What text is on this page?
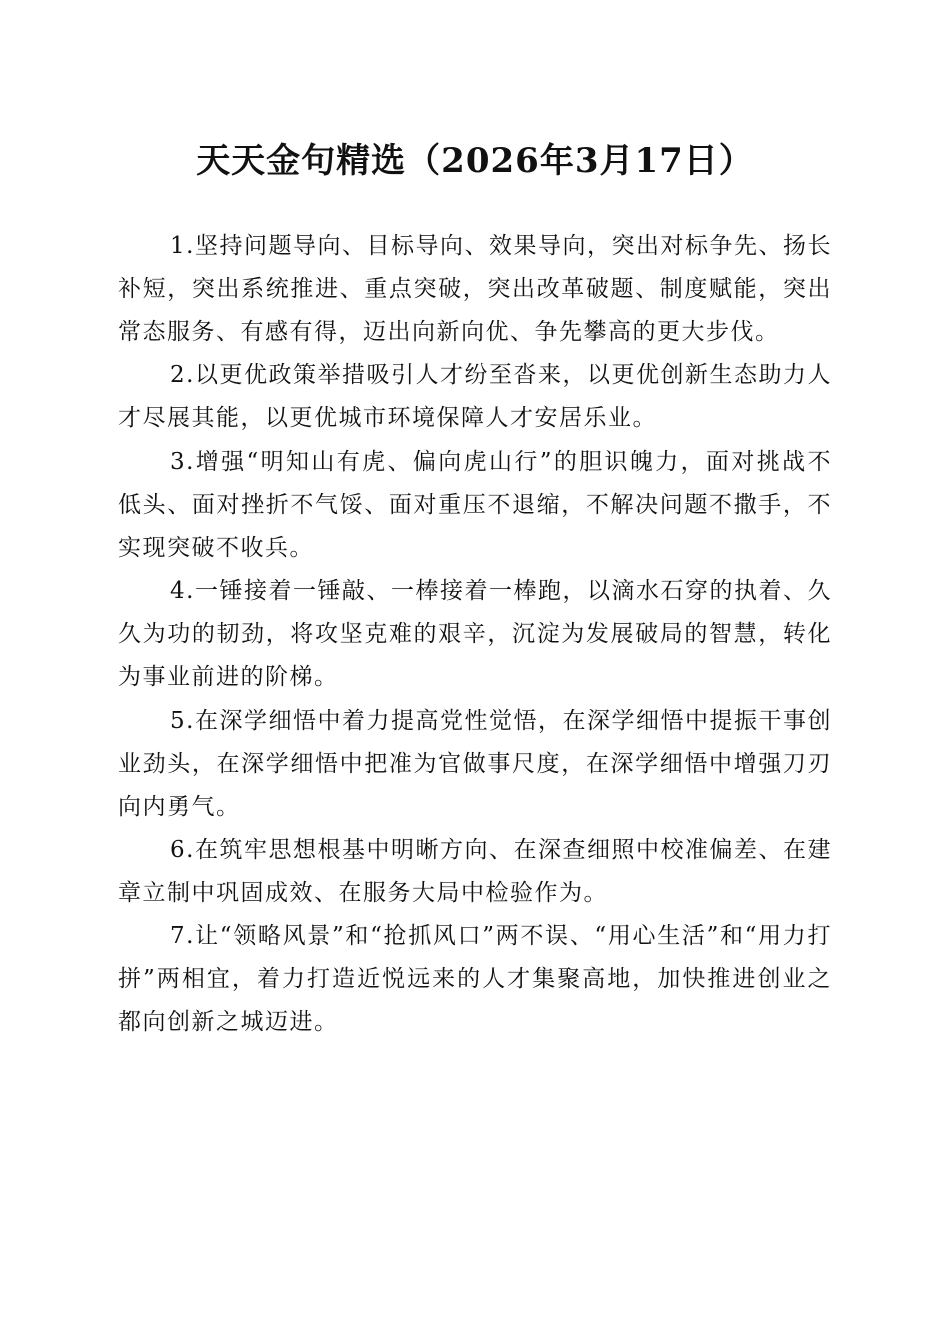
天天金句精选（2026年3月17日）

1.坚持问题导向、目标导向、效果导向，突出对标争先、扬长补短，突出系统推进、重点突破，突出改革破题、制度赋能，突出常态服务、有感有得，迈出向新向优、争先攀高的更大步伐。

2.以更优政策举措吸引人才纷至沓来，以更优创新生态助力人才尽展其能，以更优城市环境保障人才安居乐业。

3.增强“明知山有虎、偏向虎山行”的胆识魄力，面对挑战不低头、面对挫折不气馁、面对重压不退缩，不解决问题不撒手，不实现突破不收兵。

4.一锤接着一锤敲、一棒接着一棒跑，以滴水石穿的执着、久久为功的韧劲，将攻坚克难的艰辛，沉淀为发展破局的智慧，转化为事业前进的阶梯。

5.在深学细悟中着力提高党性觉悟，在深学细悟中提振干事创业劲头，在深学细悟中把准为官做事尺度，在深学细悟中增强刀刃向内勇气。

6.在筑牢思想根基中明晰方向、在深查细照中校准偏差、在建章立制中巩固成效、在服务大局中检验作为。

7.让“领略风景”和“抢抓风口”两不误、“用心生活”和“用力打拼”两相宜，着力打造近悦远来的人才集聚高地，加快推进创业之都向创新之城迈进。
